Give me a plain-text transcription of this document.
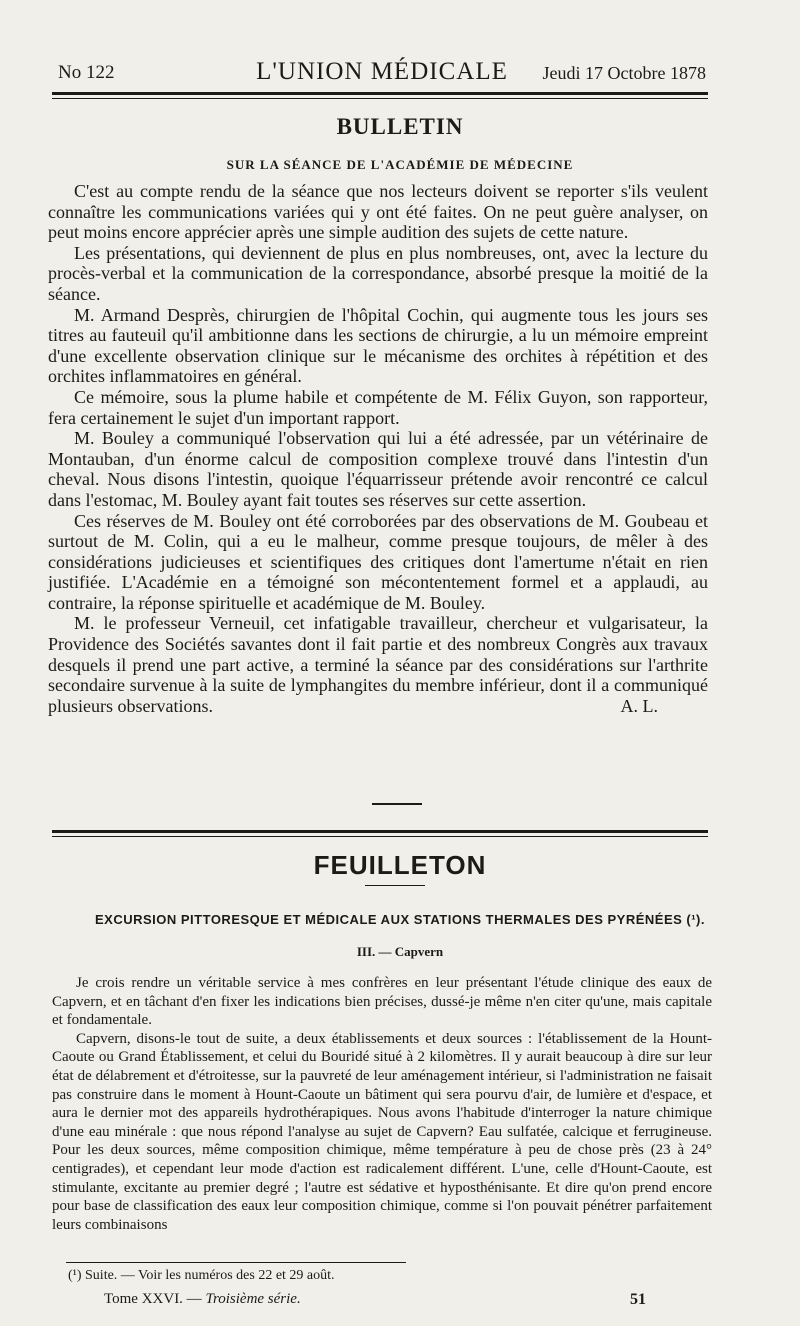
No 122	L'UNION MÉDICALE	Jeudi 17 Octobre 1878
BULLETIN
SUR LA SÉANCE DE L'ACADÉMIE DE MÉDECINE

C'est au compte rendu de la séance que nos lecteurs doivent se reporter s'ils veulent connaître les communications variées qui y ont été faites. On ne peut guère analyser, on peut moins encore apprécier après une simple audition des sujets de cette nature.

Les présentations, qui deviennent de plus en plus nombreuses, ont, avec la lecture du procès-verbal et la communication de la correspondance, absorbé presque la moitié de la séance.

M. Armand Desprès, chirurgien de l'hôpital Cochin, qui augmente tous les jours ses titres au fauteuil qu'il ambitionne dans les sections de chirurgie, a lu un mémoire empreint d'une excellente observation clinique sur le mécanisme des orchites à répétition et des orchites inflammatoires en général.

Ce mémoire, sous la plume habile et compétente de M. Félix Guyon, son rapporteur, fera certainement le sujet d'un important rapport.

M. Bouley a communiqué l'observation qui lui a été adressée, par un vétérinaire de Montauban, d'un énorme calcul de composition complexe trouvé dans l'intestin d'un cheval. Nous disons l'intestin, quoique l'équarrisseur prétende avoir rencontré ce calcul dans l'estomac, M. Bouley ayant fait toutes ses réserves sur cette assertion.

Ces réserves de M. Bouley ont été corroborées par des observations de M. Goubeau et surtout de M. Colin, qui a eu le malheur, comme presque toujours, de mêler à des considérations judicieuses et scientifiques des critiques dont l'amertume n'était en rien justifiée. L'Académie en a témoigné son mécontentement formel et a applaudi, au contraire, la réponse spirituelle et académique de M. Bouley.

M. le professeur Verneuil, cet infatigable travailleur, chercheur et vulgarisateur, la Providence des Sociétés savantes dont il fait partie et des nombreux Congrès aux travaux desquels il prend une part active, a terminé la séance par des considérations sur l'arthrite secondaire survenue à la suite de lymphangites du membre inférieur, dont il a communiqué plusieurs observations.	A. L.

FEUILLETON
EXCURSION PITTORESQUE ET MÉDICALE AUX STATIONS THERMALES DES PYRÉNÉES (¹).
III. — Capvern

Je crois rendre un véritable service à mes confrères en leur présentant l'étude clinique des eaux de Capvern, et en tâchant d'en fixer les indications bien précises, dussé-je même n'en citer qu'une, mais capitale et fondamentale.

Capvern, disons-le tout de suite, a deux établissements et deux sources : l'établissement de la Hount-Caoute ou Grand Établissement, et celui du Bouridé situé à 2 kilomètres. Il y aurait beaucoup à dire sur leur état de délabrement et d'étroitesse, sur la pauvreté de leur aménagement intérieur, si l'administration ne faisait pas construire dans le moment à Hount-Caoute un bâtiment qui sera pourvu d'air, de lumière et d'espace, et aura le dernier mot des appareils hydrothérapiques. Nous avons l'habitude d'interroger la nature chimique d'une eau minérale : que nous répond l'analyse au sujet de Capvern? Eau sulfatée, calcique et ferrugineuse. Pour les deux sources, même composition chimique, même température à peu de chose près (23 à 24° centigrades), et cependant leur mode d'action est radicalement différent. L'une, celle d'Hount-Caoute, est stimulante, excitante au premier degré ; l'autre est sédative et hyposthénisante. Et dire qu'on prend encore pour base de classification des eaux leur composition chimique, comme si l'on pouvait pénétrer parfaitement leurs combinaisons

(¹) Suite. — Voir les numéros des 22 et 29 août.
Tome XXVI. — Troisième série.	51
